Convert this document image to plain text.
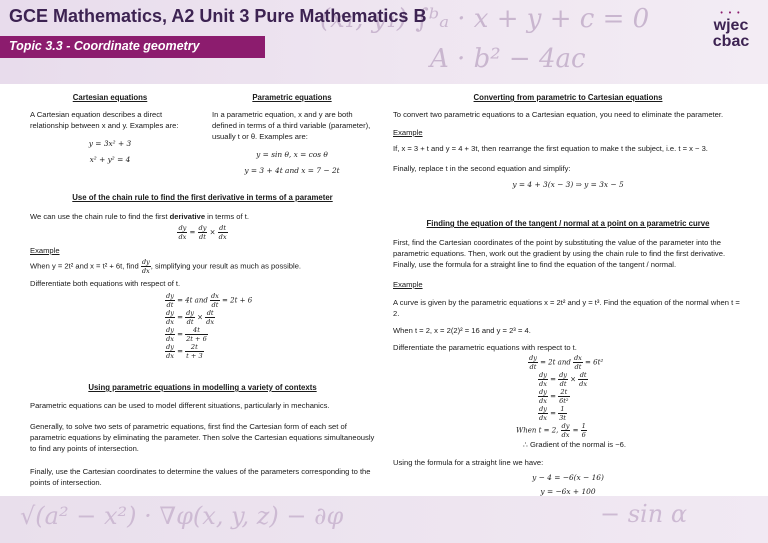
(x₁, y₁) ∫ᵇₐ · x + y + c = 0
A · b² − 4ac
GCE Mathematics, A2 Unit 3 Pure Mathematics B
Topic 3.3 - Coordinate geometry
• • •
wjec
cbac
√(a² − x²) · ∇φ(x, y, z) − ∂φ	− sin α
Cartesian equations
A Cartesian equation describes a direct relationship between x and y. Examples are:
y = 3x² + 3
x² + y² = 4
Parametric equations
In a parametric equation, x and y are both defined in terms of a third variable (parameter), usually t or θ. Examples are:
y = sin θ, x = cos θ
y = 3 + 4t and x = 7 − 2t
Converting from parametric to Cartesian equations
To convert two parametric equations to a Cartesian equation, you need to eliminate the parameter.
Example
If, x = 3 + t and y = 4 + 3t, then rearrange the first equation to make t the subject, i.e. t = x − 3.
Finally, replace t in the second equation and simplify:
y = 4 + 3(x − 3) ⇒ y = 3x − 5
Use of the chain rule to find the first derivative in terms of a parameter
We can use the chain rule to find the first derivative in terms of t.
$\frac{dy}{dx} = \frac{dy}{dt} \times \frac{dt}{dx}$
Example
When y = 2t² and x = t² + 6t, find $\frac{dy}{dx}$ , simplifying your result as much as possible.
Differentiate both equations with respect of t.
$\frac{dy}{dt} = 4t$ and $\frac{dx}{dt} = 2t + 6$
$\frac{dy}{dx} = \frac{dy}{dt} \times \frac{dt}{dx}$
$\frac{dy}{dx} = \frac{4t}{2t + 6}$
$\frac{dy}{dx} = \frac{2t}{t + 3}$
Using parametric equations in modelling a variety of contexts
Parametric equations can be used to model different situations, particularly in mechanics.
Generally, to solve two sets of parametric equations, first find the Cartesian form of each set of parametric equations by eliminating the parameter. Then solve the Cartesian equations simultaneously to find any points of intersection.
Finally, use the Cartesian coordinates to determine the values of the parameters corresponding to the points of intersection.
Finding the equation of the tangent / normal at a point on a parametric curve
First, find the Cartesian coordinates of the point by substituting the value of the parameter into the parametric equations. Then, work out the gradient by using the chain rule to find the first derivative. Finally, use the formula for a straight line to find the equation of the tangent / normal.
Example
A curve is given by the parametric equations x = 2t² and y = t³. Find the equation of the normal when t = 2.
When t = 2, x = 2(2)² = 16 and y = 2³ = 4.
Differentiate the parametric equations with respect to t.
$\frac{dy}{dt} = 2t$ and $\frac{dx}{dt} = 6t^2$
$\frac{dy}{dx} = \frac{dy}{dt} \times \frac{dt}{dx}$
$\frac{dy}{dx} = \frac{2t}{\text{6t²}}$
$\frac{dy}{dx} = \frac{1}{3t}$
When t = 2, $\frac{dy}{dx} = \frac{1}{6}$
∴ Gradient of the normal is −6.
Using the formula for a straight line we have:
y − 4 = −6(x − 16)
y = −6x + 100
